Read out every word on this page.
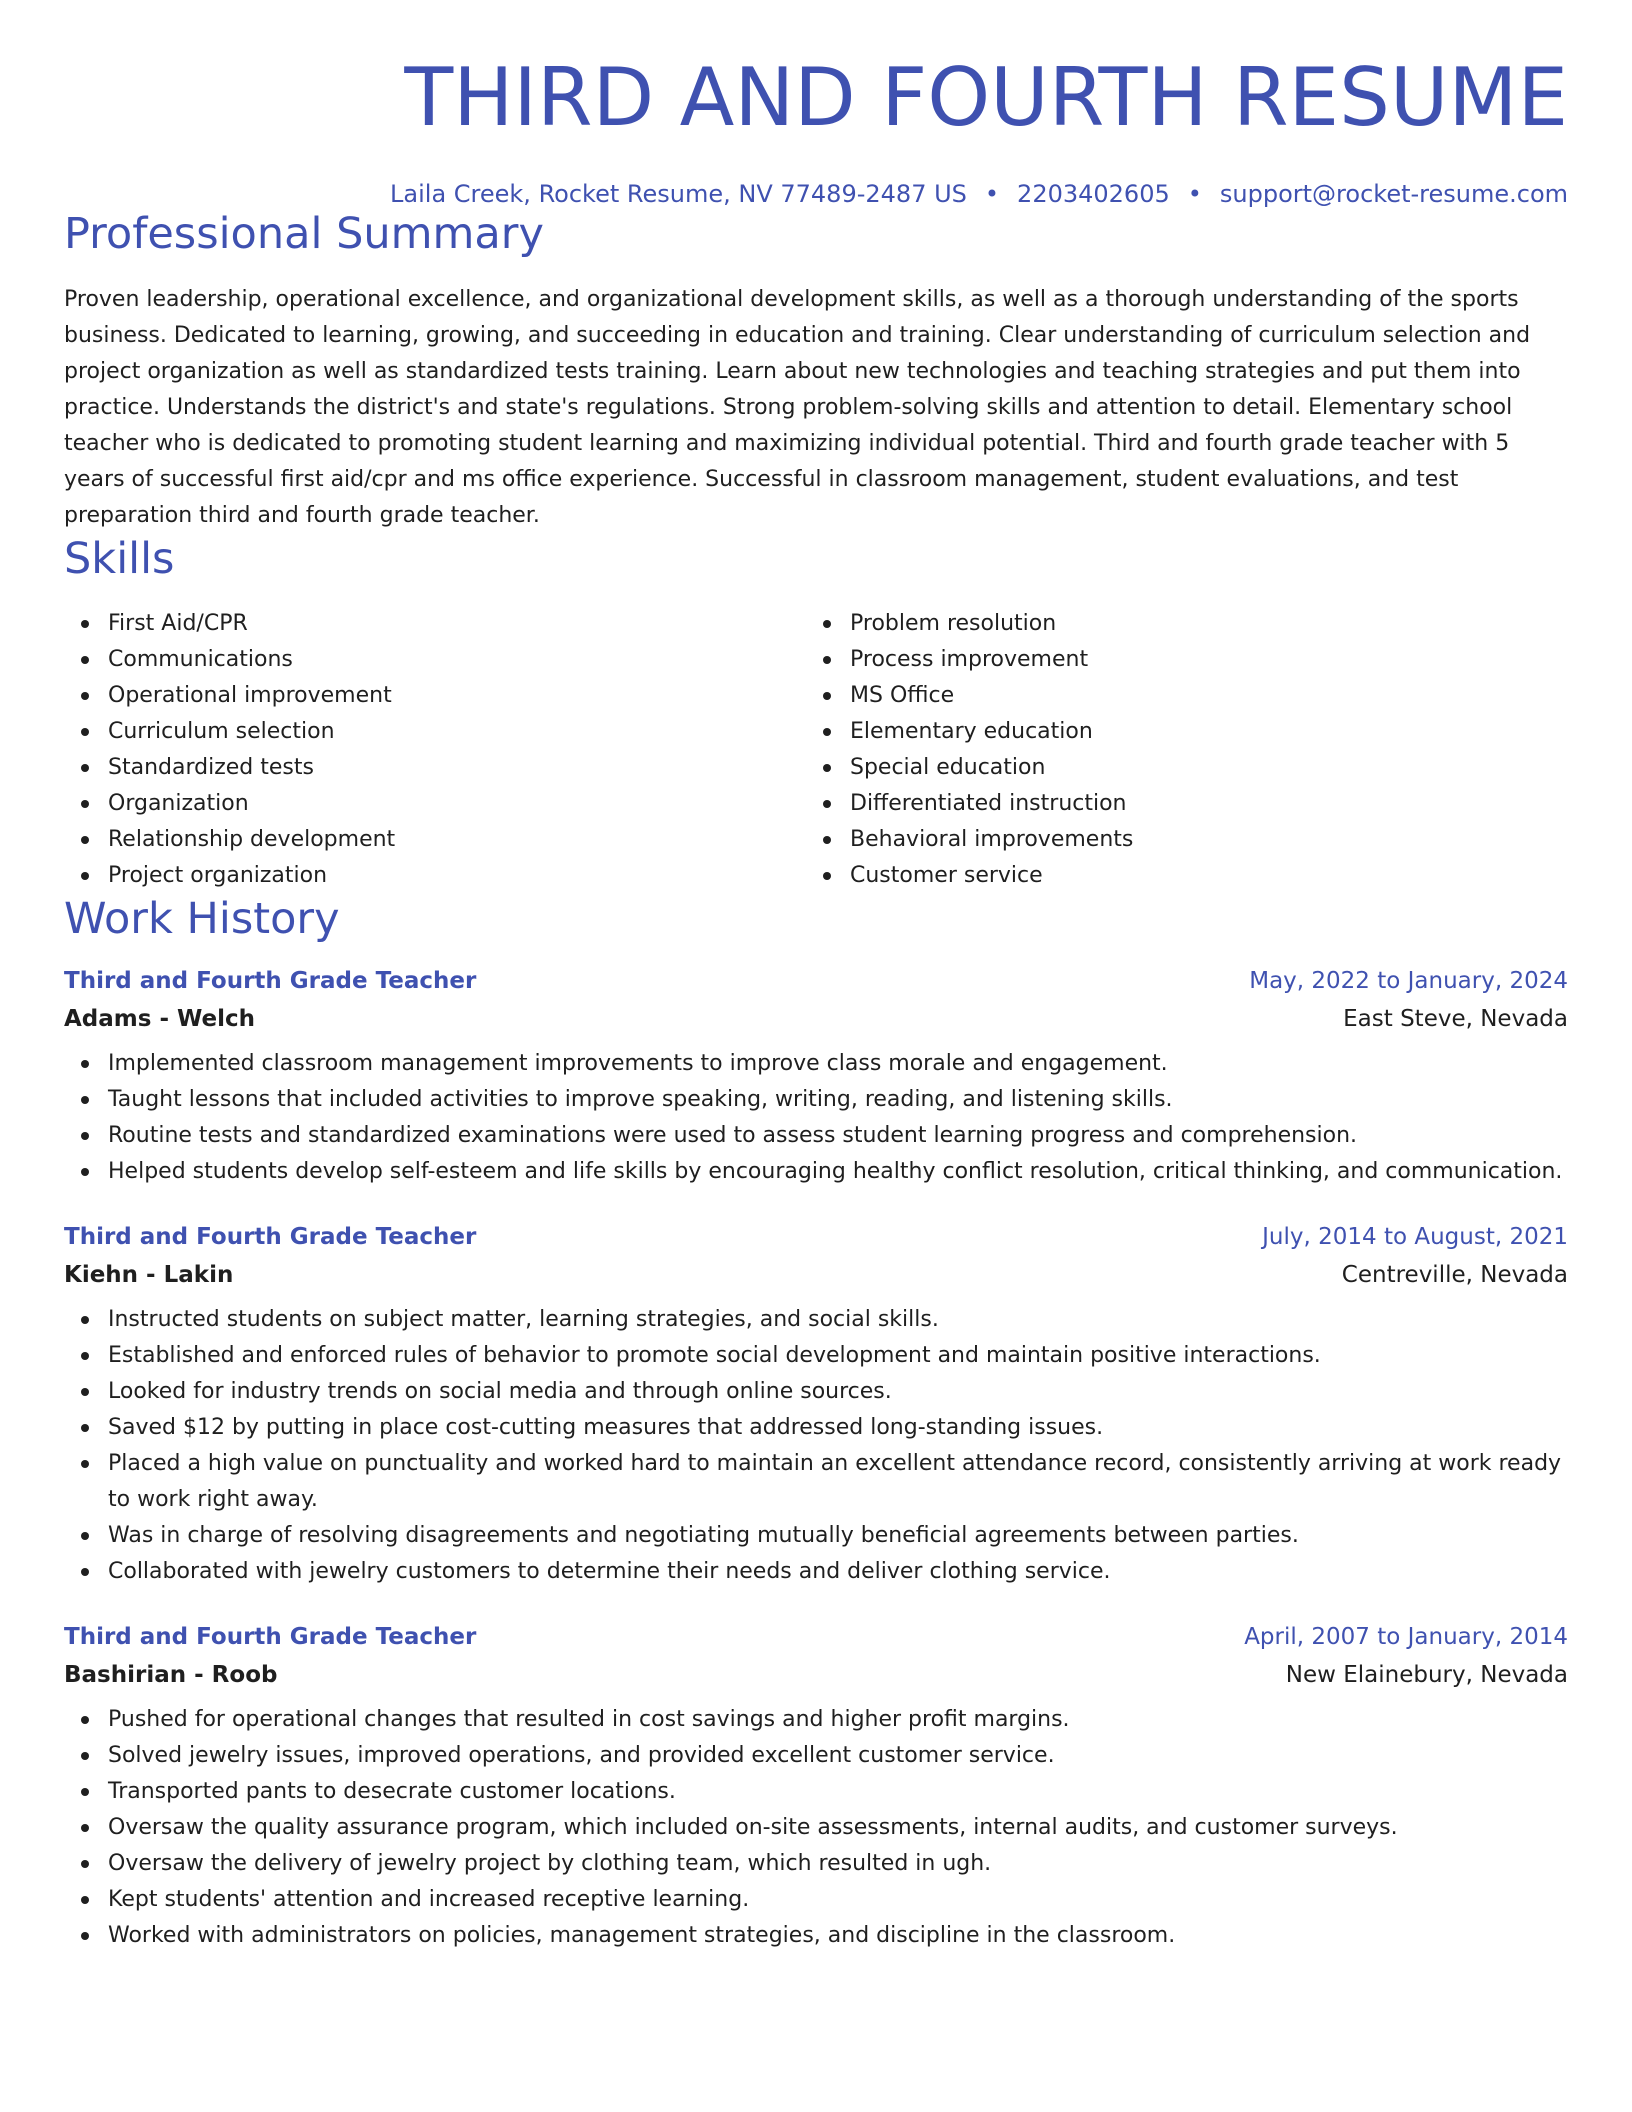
THIRD AND FOURTH RESUME
Laila Creek, Rocket Resume, NV 77489-2487 US • 2203402605 • support@rocket-resume.com
Professional Summary

Proven leadership, operational excellence, and organizational development skills, as well as a thorough understanding of the sports business. Dedicated to learning, growing, and succeeding in education and training. Clear understanding of curriculum selection and project organization as well as standardized tests training. Learn about new technologies and teaching strategies and put them into practice. Understands the district's and state's regulations. Strong problem-solving skills and attention to detail. Elementary school teacher who is dedicated to promoting student learning and maximizing individual potential. Third and fourth grade teacher with 5 years of successful first aid/cpr and ms office experience. Successful in classroom management, student evaluations, and test preparation third and fourth grade teacher.

Skills
First Aid/CPR
Communications
Operational improvement
Curriculum selection
Standardized tests
Organization
Relationship development
Project organization
Problem resolution
Process improvement
MS Office
Elementary education
Special education
Differentiated instruction
Behavioral improvements
Customer service
Work History
Third and Fourth Grade Teacher	May, 2022 to January, 2024
Adams - Welch	East Steve, Nevada
Implemented classroom management improvements to improve class morale and engagement.
Taught lessons that included activities to improve speaking, writing, reading, and listening skills.
Routine tests and standardized examinations were used to assess student learning progress and comprehension.
Helped students develop self-esteem and life skills by encouraging healthy conflict resolution, critical thinking, and communication.
Third and Fourth Grade Teacher	July, 2014 to August, 2021
Kiehn - Lakin	Centreville, Nevada
Instructed students on subject matter, learning strategies, and social skills.
Established and enforced rules of behavior to promote social development and maintain positive interactions.
Looked for industry trends on social media and through online sources.
Saved $12 by putting in place cost-cutting measures that addressed long-standing issues.
Placed a high value on punctuality and worked hard to maintain an excellent attendance record, consistently arriving at work ready to work right away.
Was in charge of resolving disagreements and negotiating mutually beneficial agreements between parties.
Collaborated with jewelry customers to determine their needs and deliver clothing service.
Third and Fourth Grade Teacher	April, 2007 to January, 2014
Bashirian - Roob	New Elainebury, Nevada
Pushed for operational changes that resulted in cost savings and higher profit margins.
Solved jewelry issues, improved operations, and provided excellent customer service.
Transported pants to desecrate customer locations.
Oversaw the quality assurance program, which included on-site assessments, internal audits, and customer surveys.
Oversaw the delivery of jewelry project by clothing team, which resulted in ugh.
Kept students' attention and increased receptive learning.
Worked with administrators on policies, management strategies, and discipline in the classroom.
